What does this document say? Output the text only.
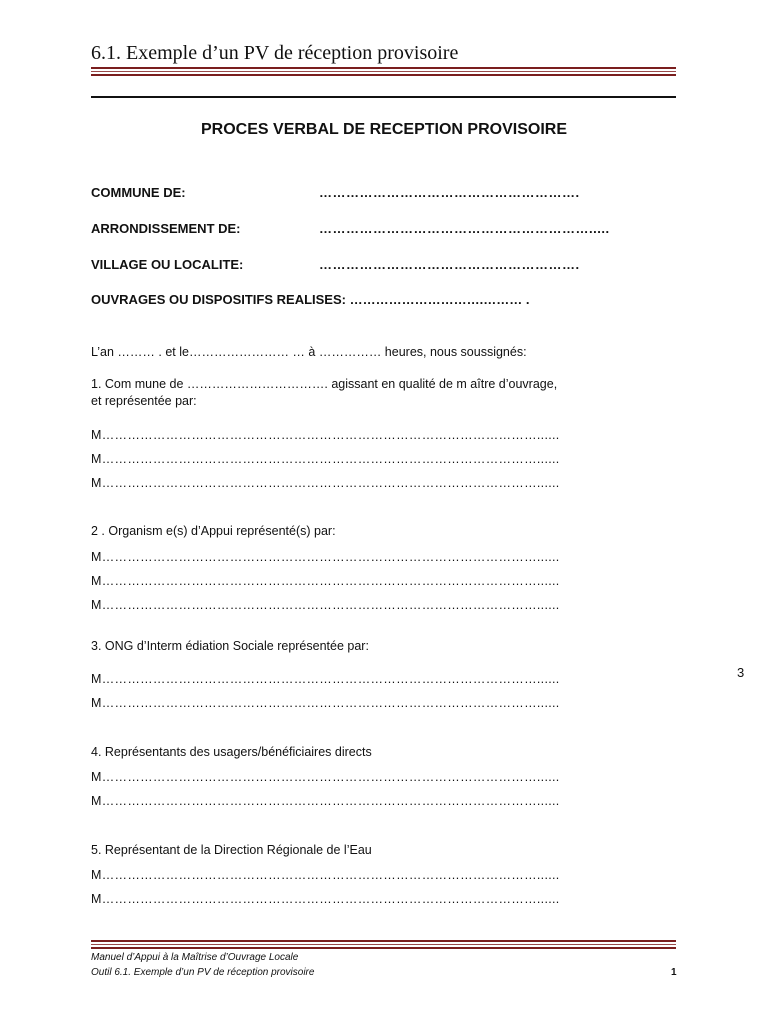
6.1. Exemple d’un PV de réception provisoire
PROCES VERBAL DE RECEPTION PROVISOIRE
COMMUNE DE:	………………………………………………….
ARRONDISSEMENT DE:	…………………………………………………….....
VILLAGE OU LOCALITE:	………………………………………………….
OUVRAGES OU DISPOSITIFS REALISES: ………………………….……… .
L’an ……… . et le…………………… … à …………… heures, nous soussignés:
1. Com mune de ……………………………. agissant en qualité de m aître d’ouvrage,
et représentée par:
M…………………………………………………………………………………………......
M…………………………………………………………………………………………......
M…………………………………………………………………………………………......
2 . Organism e(s) d’Appui représenté(s) par:
M…………………………………………………………………………………………......
M…………………………………………………………………………………………......
M…………………………………………………………………………………………......
3. ONG d’Interm édiation Sociale représentée par:
M…………………………………………………………………………………………......
M…………………………………………………………………………………………......
3
4. Représentants des usagers/bénéficiaires directs
M…………………………………………………………………………………………......
M…………………………………………………………………………………………......
5. Représentant de la Direction Régionale de l’Eau
M…………………………………………………………………………………………......
M…………………………………………………………………………………………......
Manuel d’Appui à la Maîtrise d’Ouvrage Locale
Outil 6.1. Exemple d’un PV de réception provisoire	1
